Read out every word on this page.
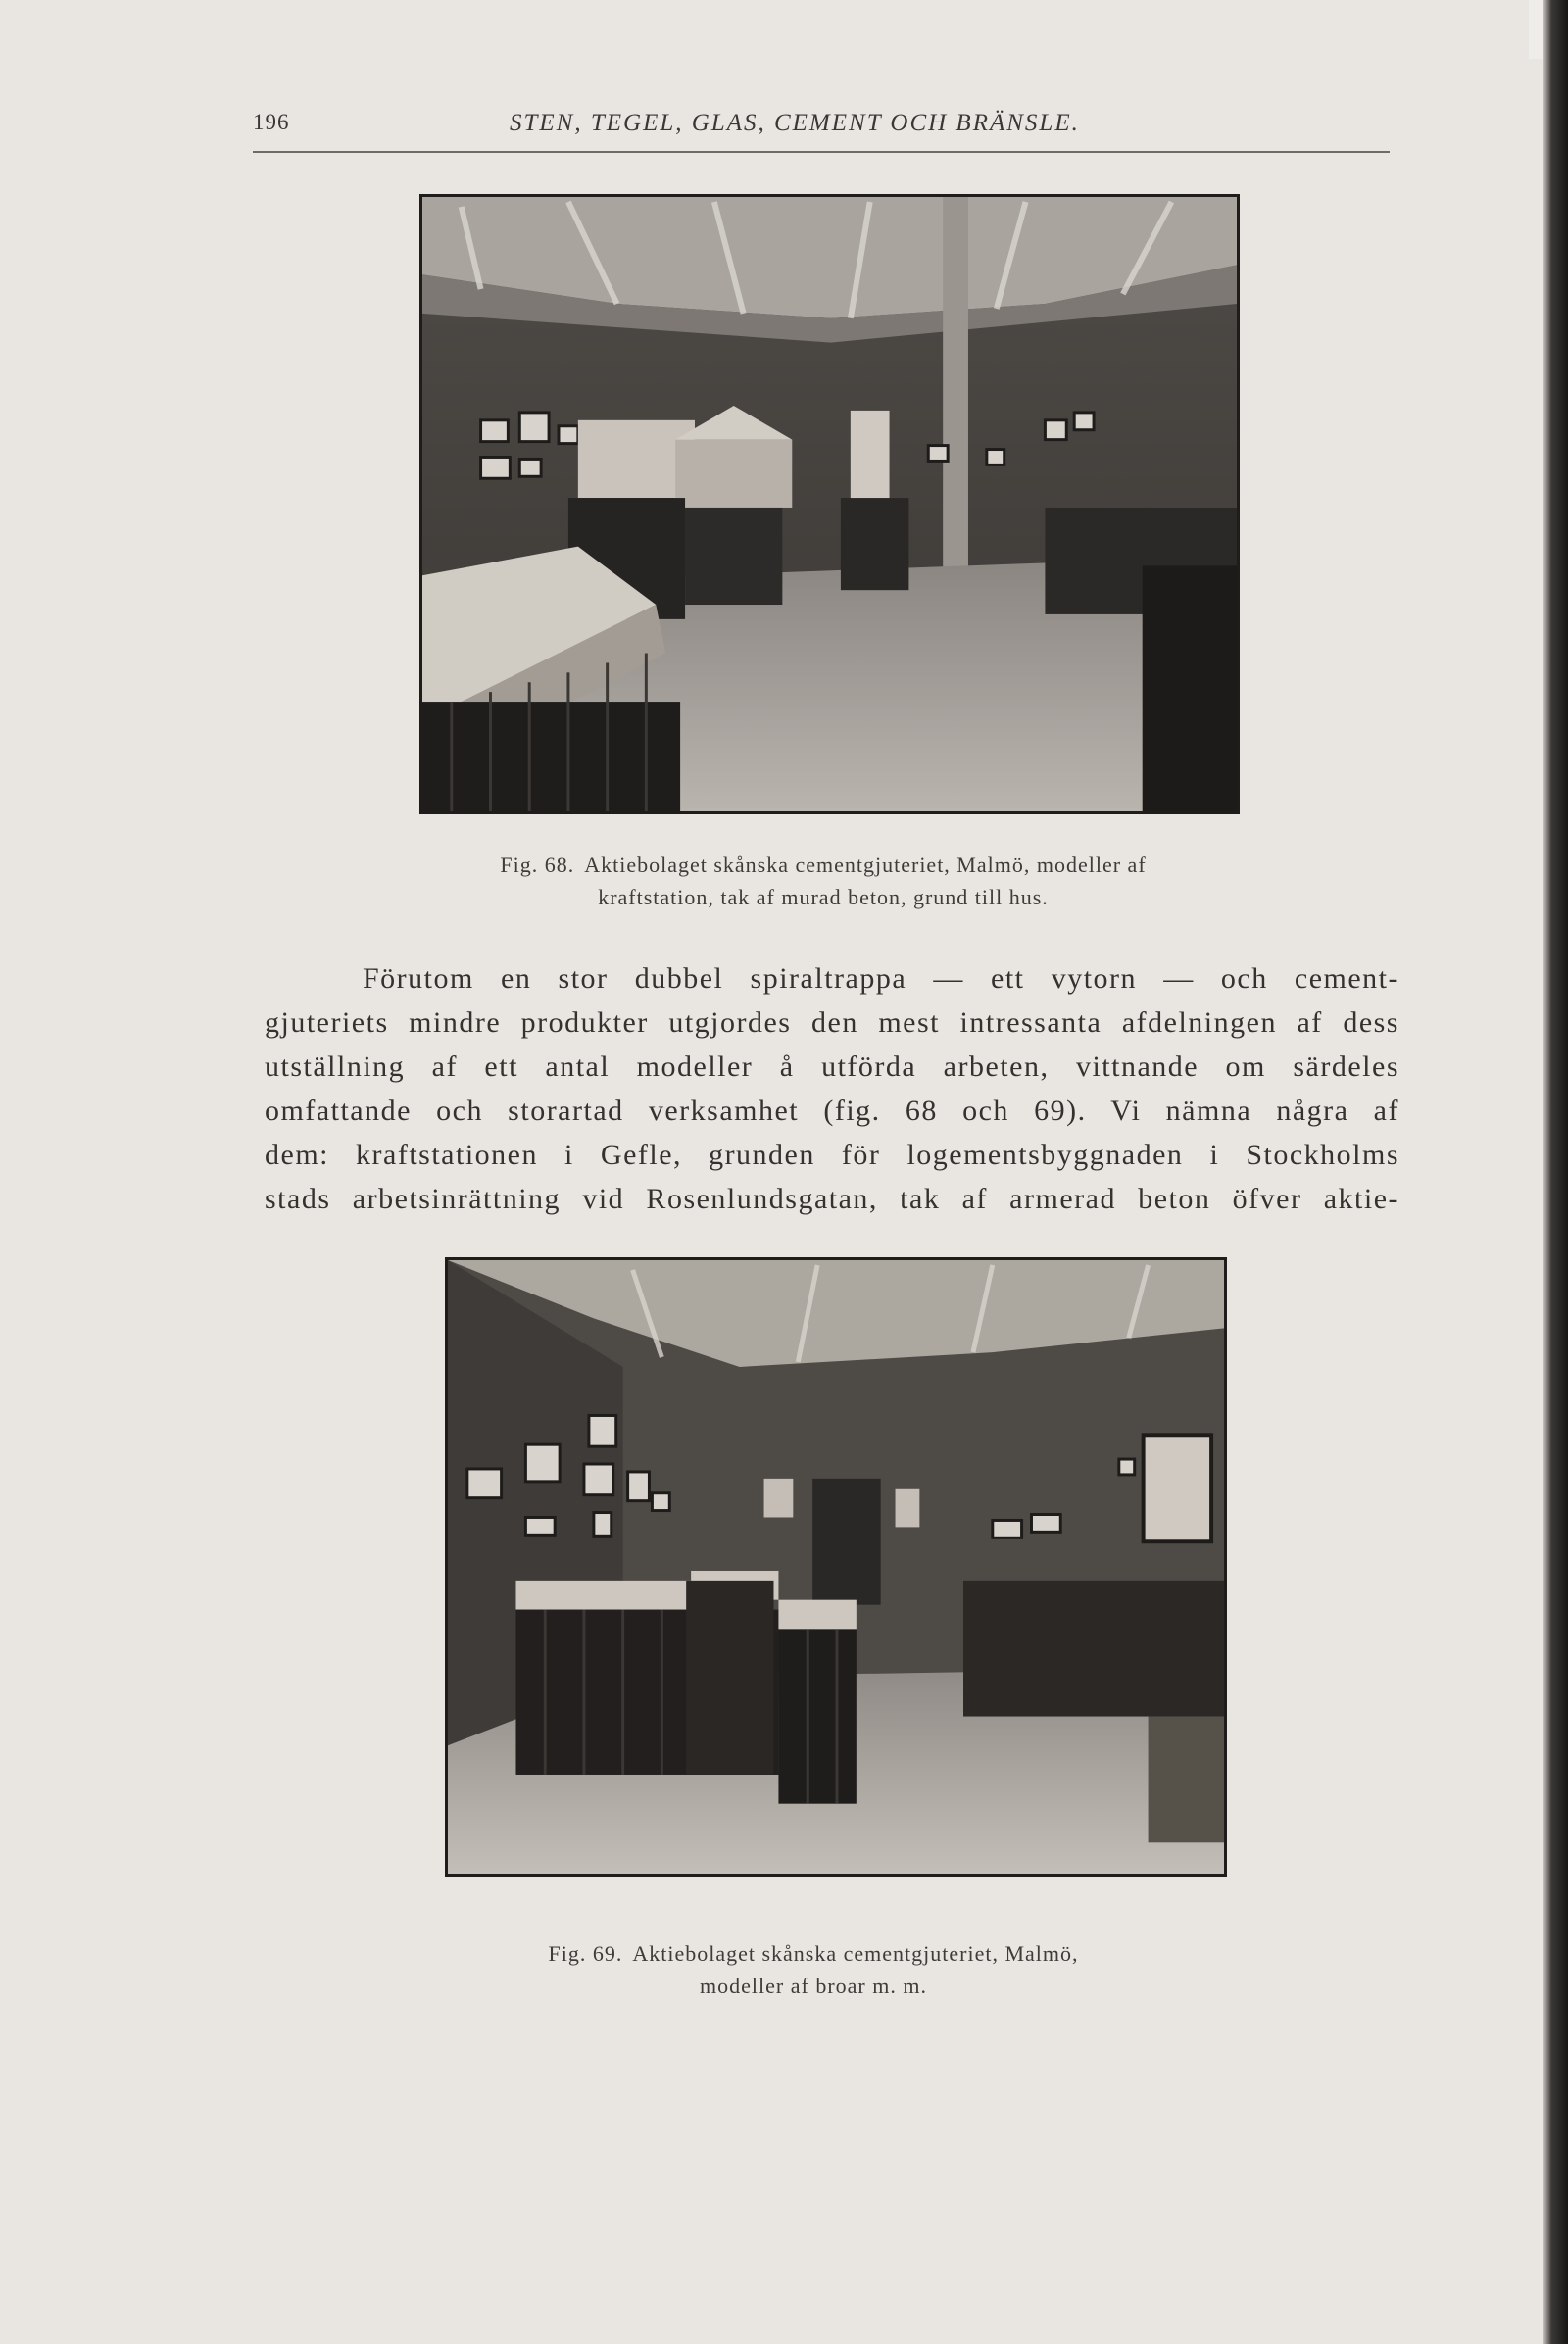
196	STEN, TEGEL, GLAS, CEMENT OCH BRÄNSLE.
Fig. 68. Aktiebolaget skånska cementgjuteriet, Malmö, modeller af
kraftstation, tak af murad beton, grund till hus.
Förutom en stor dubbel spiraltrappa — ett vytorn — och cement-
gjuteriets mindre produkter utgjordes den mest intressanta afdelningen af dess
utställning af ett antal modeller å utförda arbeten, vittnande om särdeles
omfattande och storartad verksamhet (fig. 68 och 69). Vi nämna några af
dem: kraftstationen i Gefle, grunden för logementsbyggnaden i Stockholms
stads arbetsinrättning vid Rosenlundsgatan, tak af armerad beton öfver aktie-
Fig. 69. Aktiebolaget skånska cementgjuteriet, Malmö,
modeller af broar m. m.
